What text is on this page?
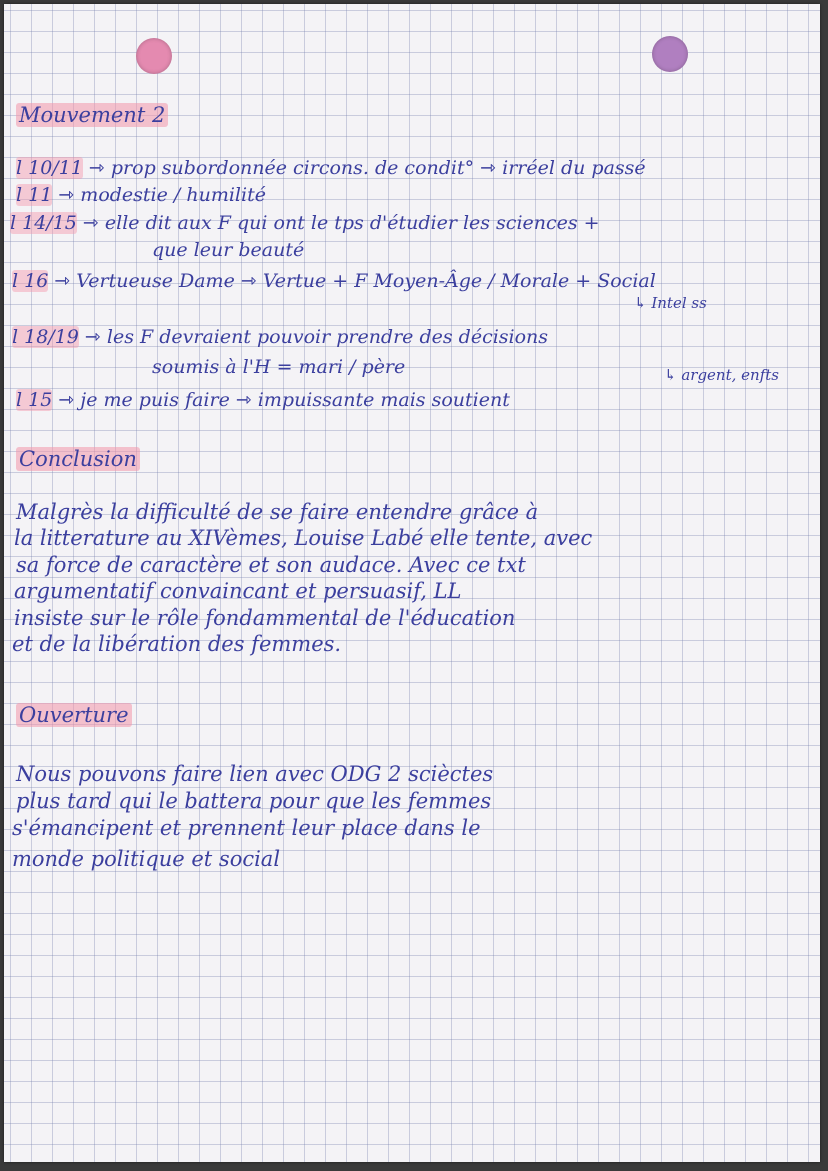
Mouvement 2
l 10/11 ⇾ prop subordonnée circons. de condit° ⇾ irréel du passé
l 11 ⇾ modestie / humilité
l 14/15 ⇾ elle dit aux F qui ont le tps d'étudier les sciences +
que leur beauté
l 16 ⇾ Vertueuse Dame ⇾ Vertue + F Moyen-Âge / Morale + Social
↳ Intel ss
l 18/19 ⇾ les F devraient pouvoir prendre des décisions
soumis à l'H = mari / père	↳ argent, enfts
l 15 ⇾ je me puis faire ⇾ impuissante mais soutient
Conclusion
Malgrès la difficulté de se faire entendre grâce à
la litterature au XIVèmes, Louise Labé elle tente, avec
sa force de caractère et son audace. Avec ce txt
argumentatif convaincant et persuasif, LL
insiste sur le rôle fondammental de l'éducation
et de la libération des femmes.
Ouverture
Nous pouvons faire lien avec ODG 2 scièctes
plus tard qui le battera pour que les femmes
s'émancipent et prennent leur place dans le
monde politique et social
